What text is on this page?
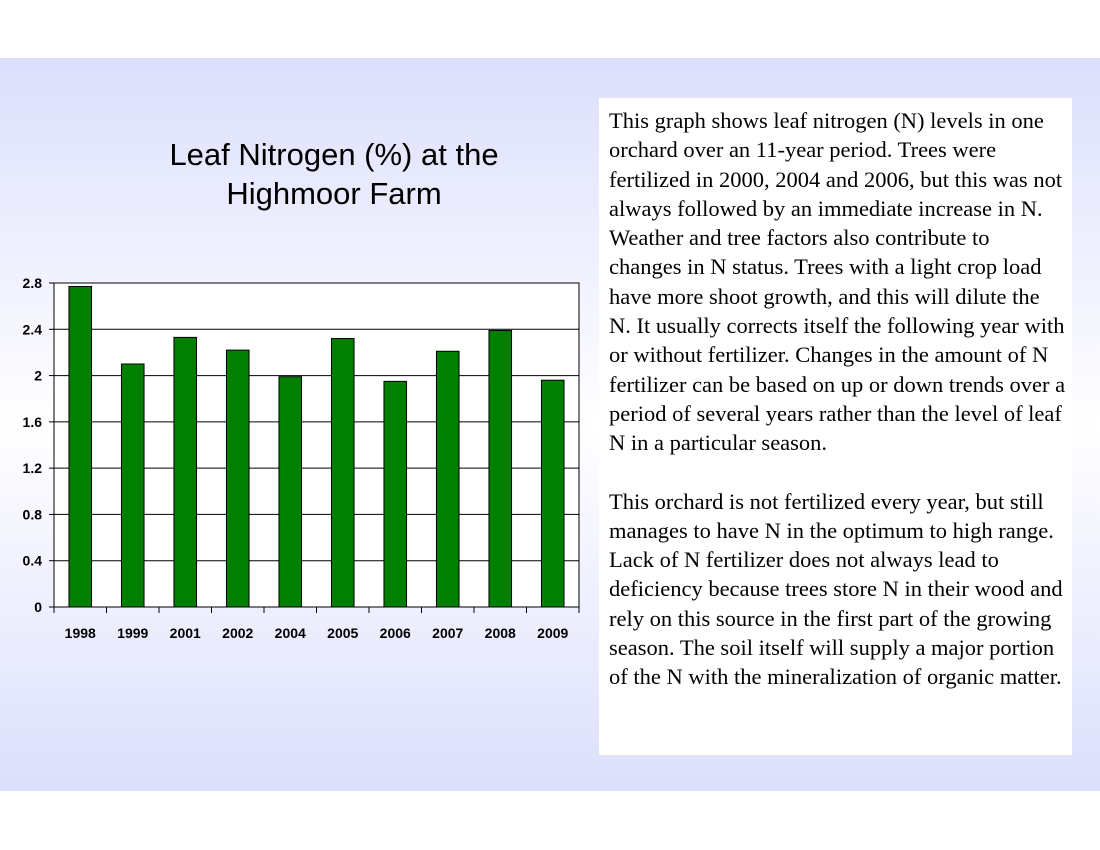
Leaf Nitrogen (%) at the
Highmoor Farm
0
0.4
0.8
1.2
1.6
2
2.4
2.8
1998 1999 2001 2002 2004 2005 2006 2007 2008 2009

This graph shows leaf nitrogen (N) levels in one orchard over an 11-year period. Trees were fertilized in 2000, 2004 and 2006, but this was not always followed by an immediate increase in N. Weather and tree factors also contribute to changes in N status. Trees with a light crop load have more shoot growth, and this will dilute the N. It usually corrects itself the following year with or without fertilizer. Changes in the amount of N fertilizer can be based on up or down trends over a period of several years rather than the level of leaf N in a particular season.

This orchard is not fertilized every year, but still manages to have N in the optimum to high range. Lack of N fertilizer does not always lead to deficiency because trees store N in their wood and rely on this source in the first part of the growing season. The soil itself will supply a major portion of the N with the mineralization of organic matter.
